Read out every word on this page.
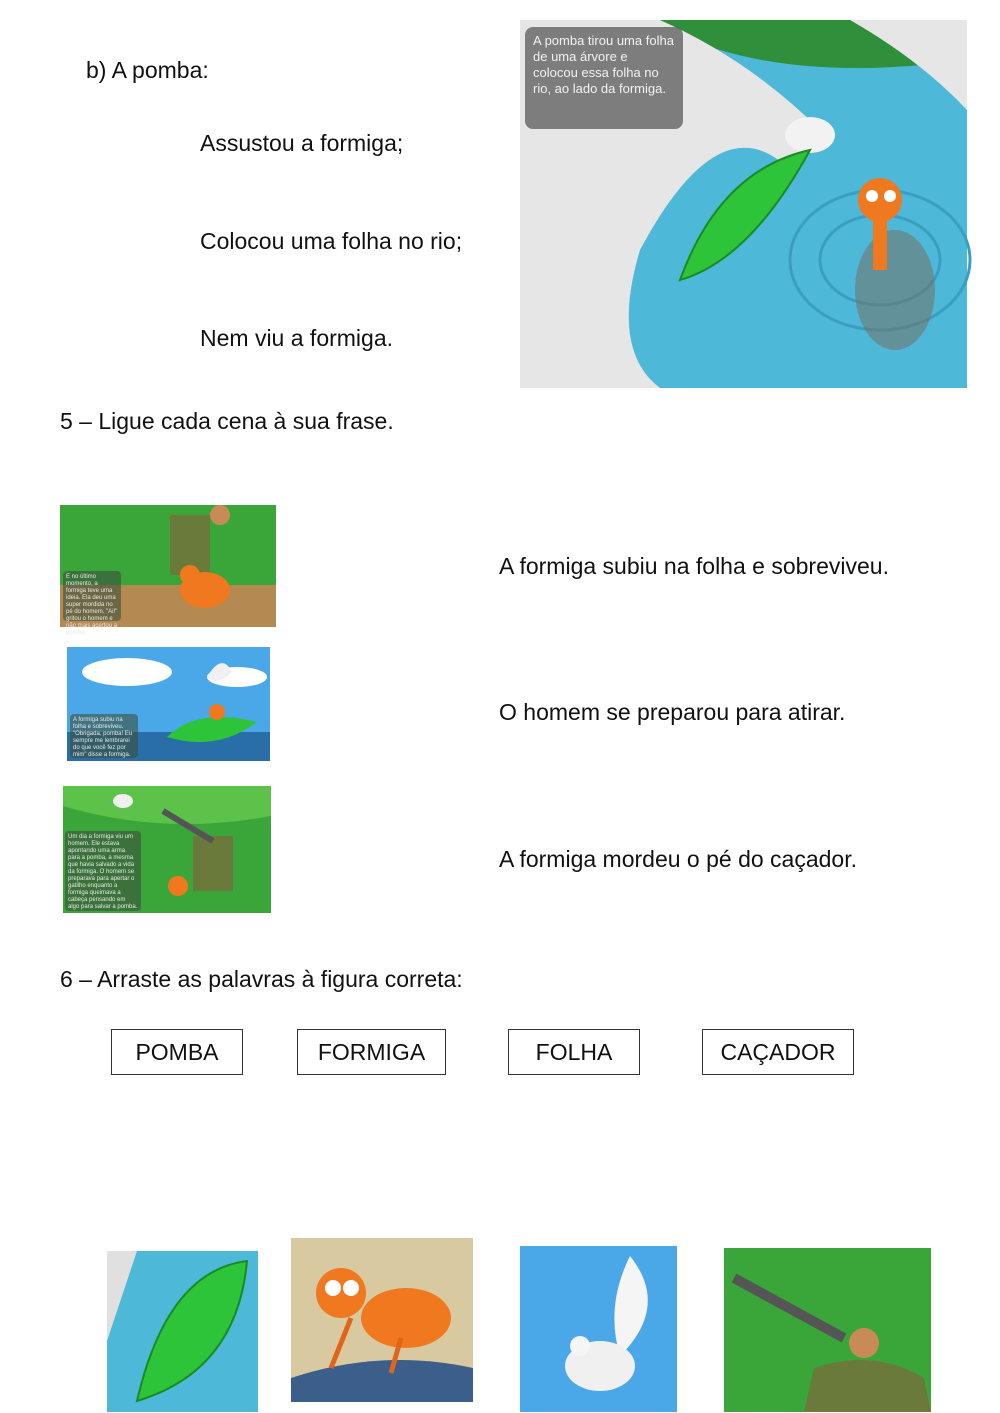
b) A pomba:
Assustou a formiga;
Colocou uma folha no rio;
Nem viu a formiga.
A pomba tirou uma folha de uma árvore e colocou essa folha no rio, ao lado da formiga.
5 – Ligue cada cena à sua frase.
E no último momento, a formiga teve uma ideia. Ela deu uma super mordida no pé do homem. "Ai!" gritou o homem e não mais acertou a pomba.
A formiga subiu na folha e sobreviveu. "Obrigada, pomba! Eu sempre me lembrarei do que você fez por mim" disse a formiga.
Um dia a formiga viu um homem. Ele estava apontando uma arma para a pomba, a mesma que havia salvado a vida da formiga. O homem se preparava para apertar o gatilho enquanto a formiga queimava a cabeça pensando em algo para salvar a pomba.
A formiga subiu na folha e sobreviveu.
O homem se preparou para atirar.
A formiga mordeu o pé do caçador.
6 – Arraste as palavras à figura correta:
POMBA	FORMIGA	FOLHA	CAÇADOR
